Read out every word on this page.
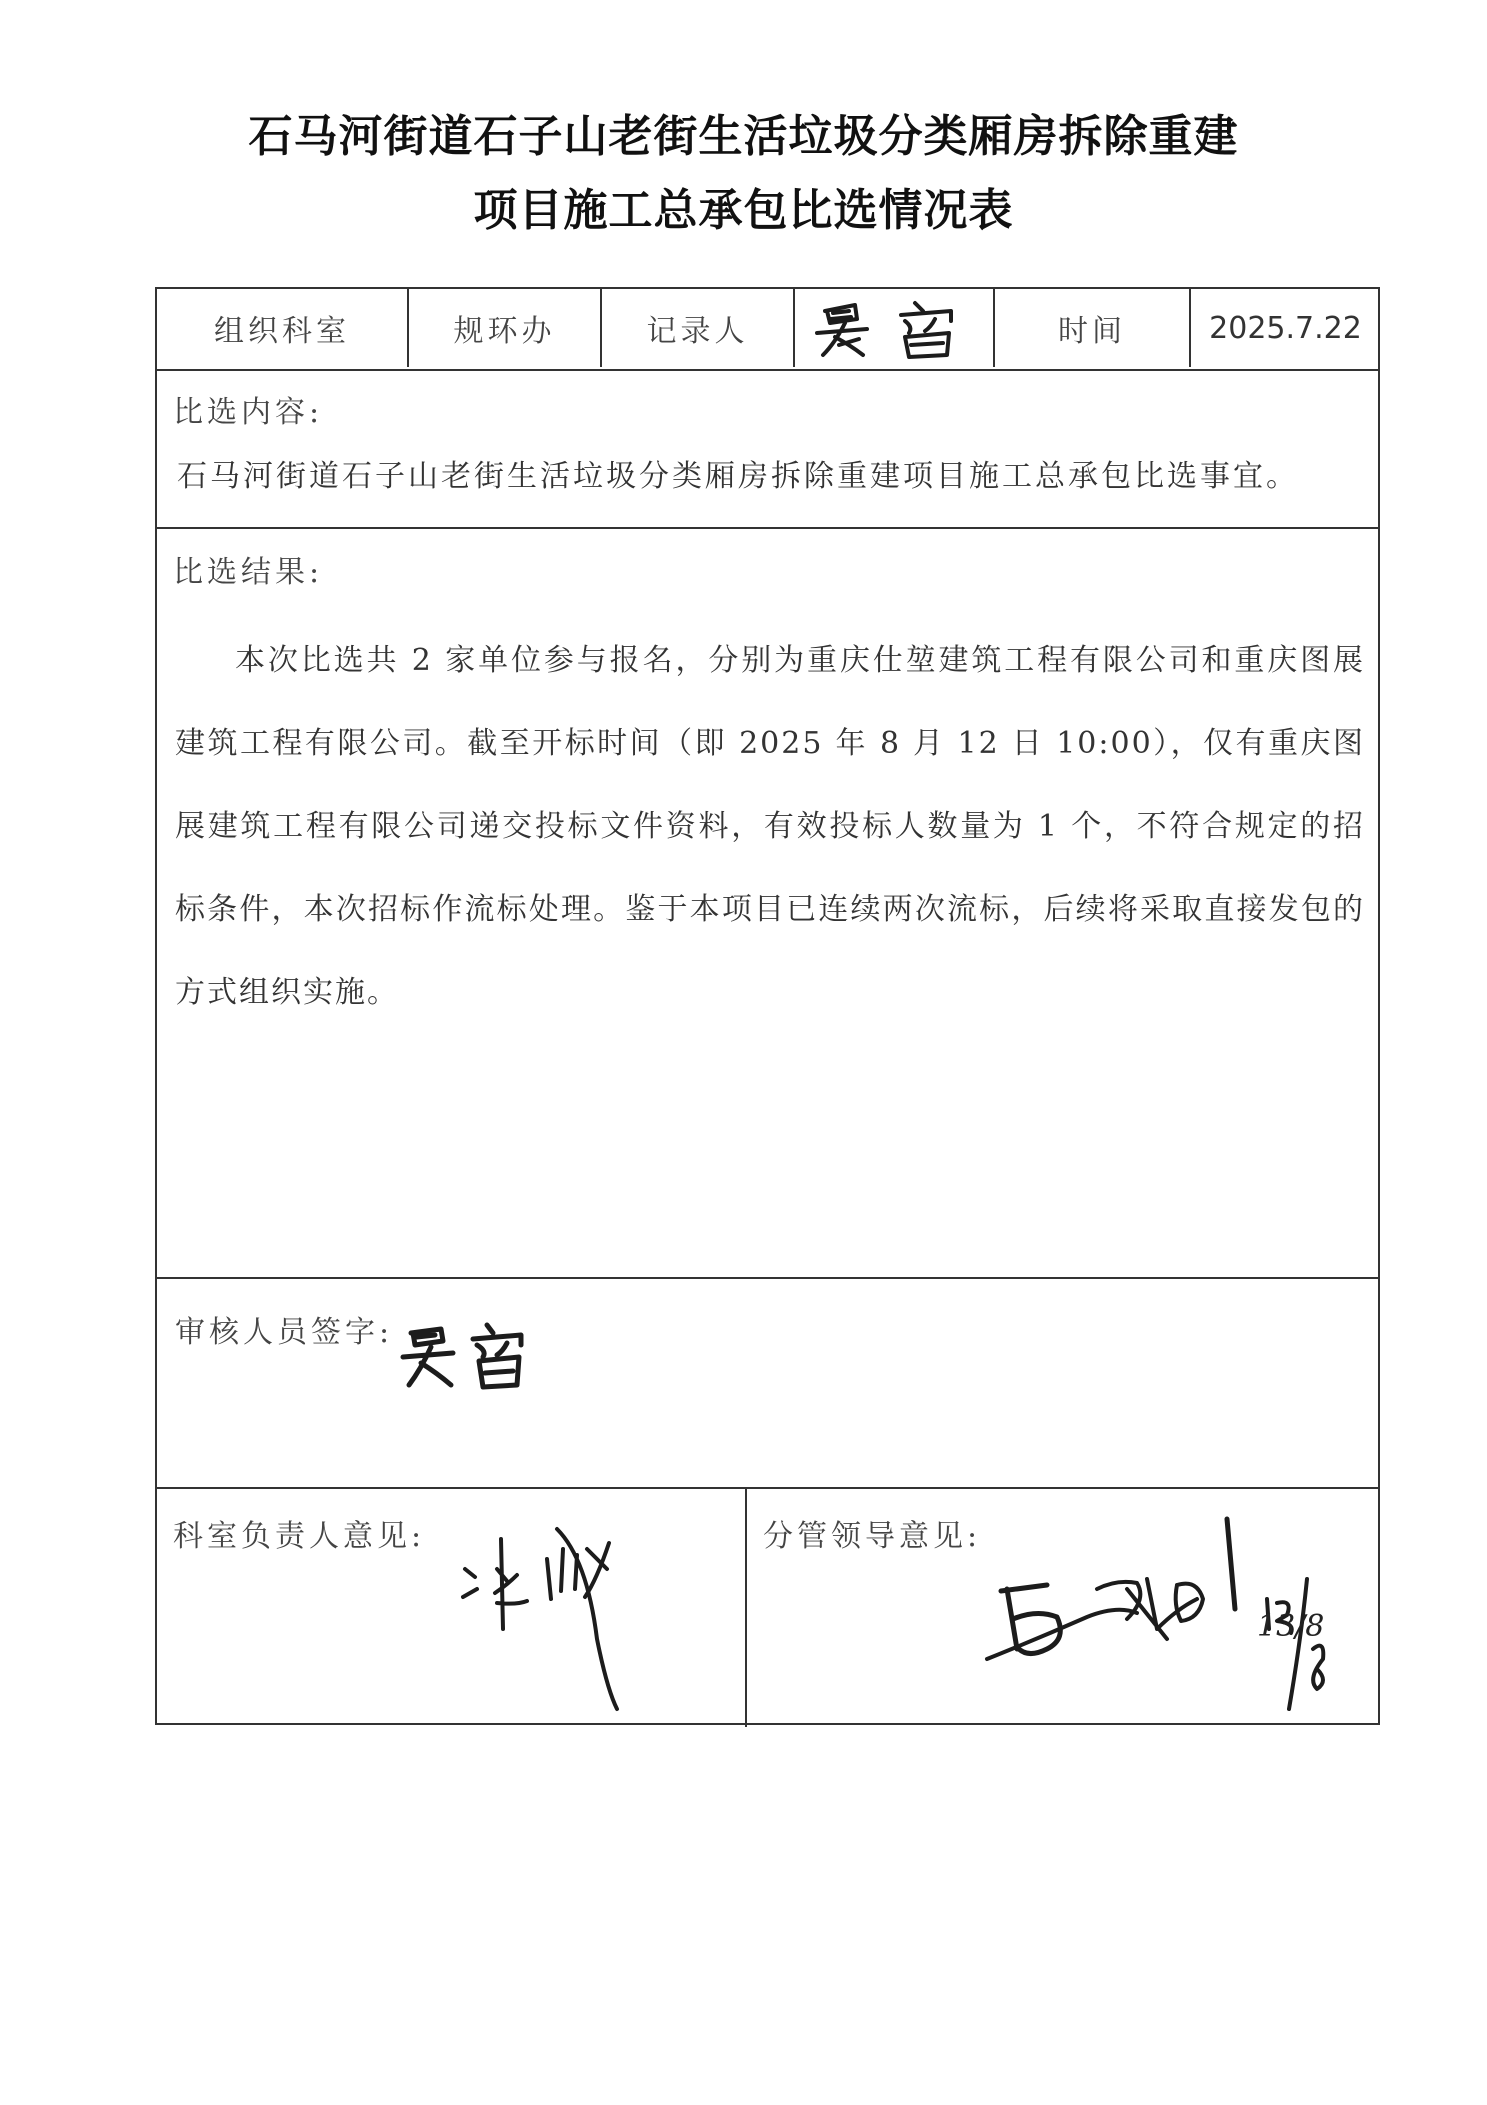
石马河街道石子山老街生活垃圾分类厢房拆除重建
项目施工总承包比选情况表
组织科室	规环办	记录人	时间	2025.7.22
比选内容:
石马河街道石子山老街生活垃圾分类厢房拆除重建项目施工总承包比选事宜。
比选结果:

本次比选共 2 家单位参与报名，分别为重庆仕堃建筑工程有限公司和重庆图展建筑工程有限公司。截至开标时间（即 2025 年 8 月 12 日 10:00），仅有重庆图展建筑工程有限公司递交投标文件资料，有效投标人数量为 1 个，不符合规定的招标条件，本次招标作流标处理。鉴于本项目已连续两次流标，后续将采取直接发包的方式组织实施。

审核人员签字:
科室负责人意见:	分管领导意见:
13/8
